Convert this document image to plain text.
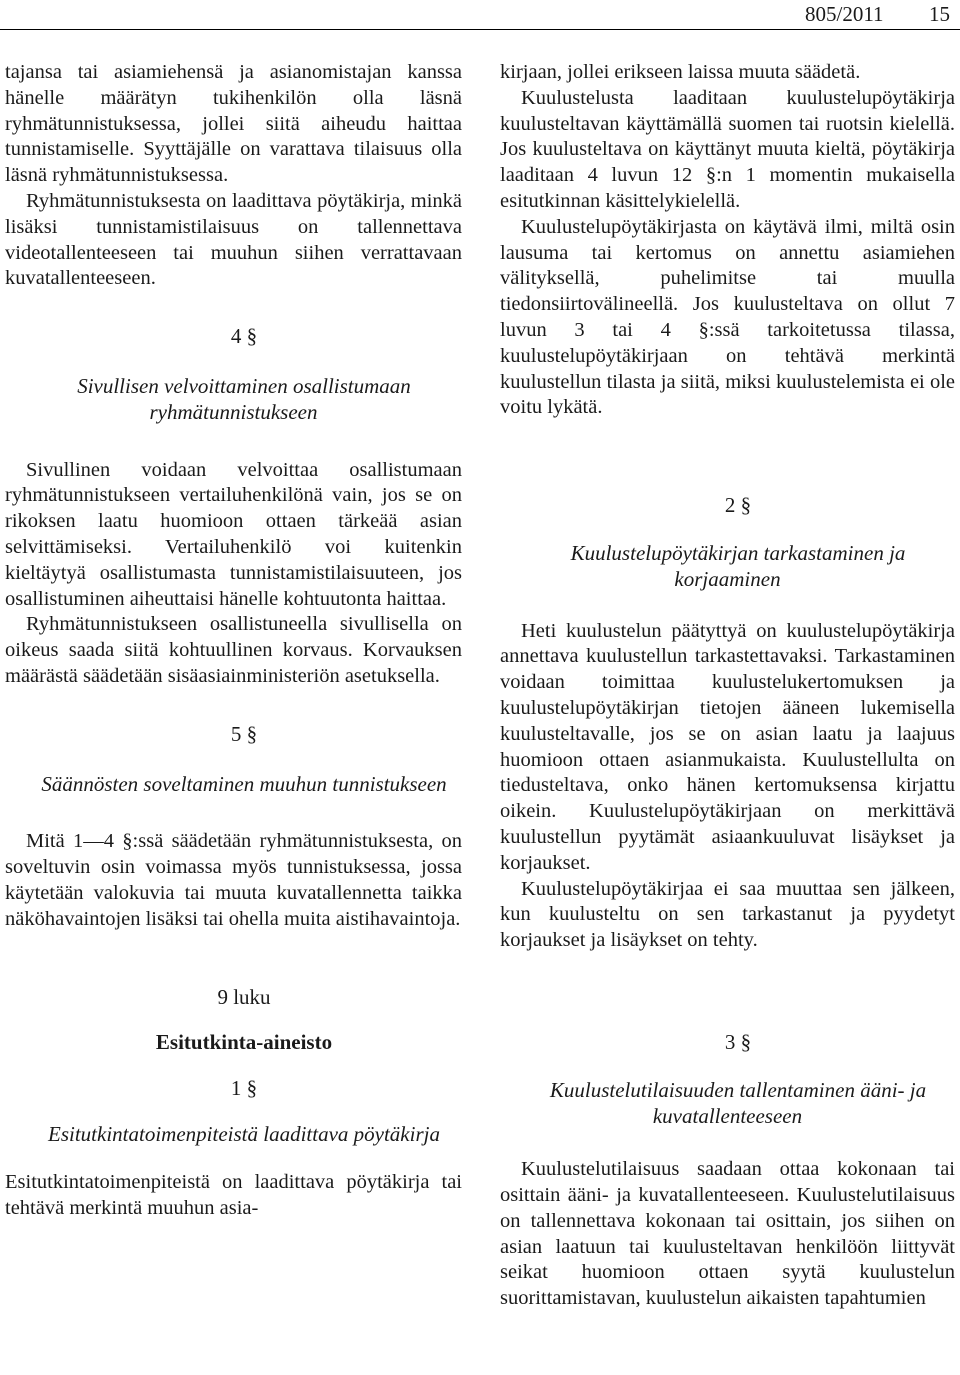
805/2011 15

tajansa tai asiamiehensä ja asianomistajan kanssa hänelle määrätyn tukihenkilön olla läsnä ryhmätunnistuksessa, jollei siitä aiheudu haittaa tunnistamiselle. Syyttäjälle on varattava tilaisuus olla läsnä ryhmätunnistuksessa.

Ryhmätunnistuksesta on laadittava pöytäkirja, minkä lisäksi tunnistamistilaisuus on tallennettava videotallenteeseen tai muuhun siihen verrattavaan kuvatallenteeseen.

4 §

Sivullisen velvoittaminen osallistumaan ryhmätunnistukseen

Sivullinen voidaan velvoittaa osallistumaan ryhmätunnistukseen vertailuhenkilönä vain, jos se on rikoksen laatu huomioon ottaen tärkeää asian selvittämiseksi. Vertailuhenkilö voi kuitenkin kieltäytyä osallistumasta tunnistamistilaisuuteen, jos osallistuminen aiheuttaisi hänelle kohtuutonta haittaa.

Ryhmätunnistukseen osallistuneella sivullisella on oikeus saada siitä kohtuullinen korvaus. Korvauksen määrästä säädetään sisäasiainministeriön asetuksella.

5 §

Säännösten soveltaminen muuhun tunnistukseen

Mitä 1—4 §:ssä säädetään ryhmätunnistuksesta, on soveltuvin osin voimassa myös tunnistuksessa, jossa käytetään valokuvia tai muuta kuvatallennetta taikka näköhavaintojen lisäksi tai ohella muita aistihavaintoja.

9 luku

Esitutkinta-aineisto

1 §

Esitutkintatoimenpiteistä laadittava pöytäkirja

Esitutkintatoimenpiteistä on laadittava pöytäkirja tai tehtävä merkintä muuhun asia-

kirjaan, jollei erikseen laissa muuta säädetä.

Kuulustelusta laaditaan kuulustelupöytäkirja kuulusteltavan käyttämällä suomen tai ruotsin kielellä. Jos kuulusteltava on käyttänyt muuta kieltä, pöytäkirja laaditaan 4 luvun 12 §:n 1 momentin mukaisella esitutkinnan käsittelykielellä.

Kuulustelupöytäkirjasta on käytävä ilmi, miltä osin lausuma tai kertomus on annettu asiamiehen välityksellä, puhelimitse tai muulla tiedonsiirtovälineellä. Jos kuulusteltava on ollut 7 luvun 3 tai 4 §:ssä tarkoitetussa tilassa, kuulustelupöytäkirjaan on tehtävä merkintä kuulustellun tilasta ja siitä, miksi kuulustelemista ei ole voitu lykätä.

2 §

Kuulustelupöytäkirjan tarkastaminen ja korjaaminen

Heti kuulustelun päätyttyä on kuulustelupöytäkirja annettava kuulustellun tarkastettavaksi. Tarkastaminen voidaan toimittaa kuulustelukertomuksen ja kuulustelupöytäkirjan tietojen ääneen lukemisella kuulusteltavalle, jos se on asian laatu ja laajuus huomioon ottaen asianmukaista. Kuulustellulta on tiedusteltava, onko hänen kertomuksensa kirjattu oikein. Kuulustelupöytäkirjaan on merkittävä kuulustellun pyytämät asiaankuuluvat lisäykset ja korjaukset.

Kuulustelupöytäkirjaa ei saa muuttaa sen jälkeen, kun kuulusteltu on sen tarkastanut ja pyydetyt korjaukset ja lisäykset on tehty.

3 §

Kuulustelutilaisuuden tallentaminen ääni- ja kuvatallenteeseen

Kuulustelutilaisuus saadaan ottaa kokonaan tai osittain ääni- ja kuvatallenteeseen. Kuulustelutilaisuus on tallennettava kokonaan tai osittain, jos siihen on asian laatuun tai kuulusteltavan henkilöön liittyvät seikat huomioon ottaen syytä kuulustelun suorittamistavan, kuulustelun aikaisten tapahtumien
